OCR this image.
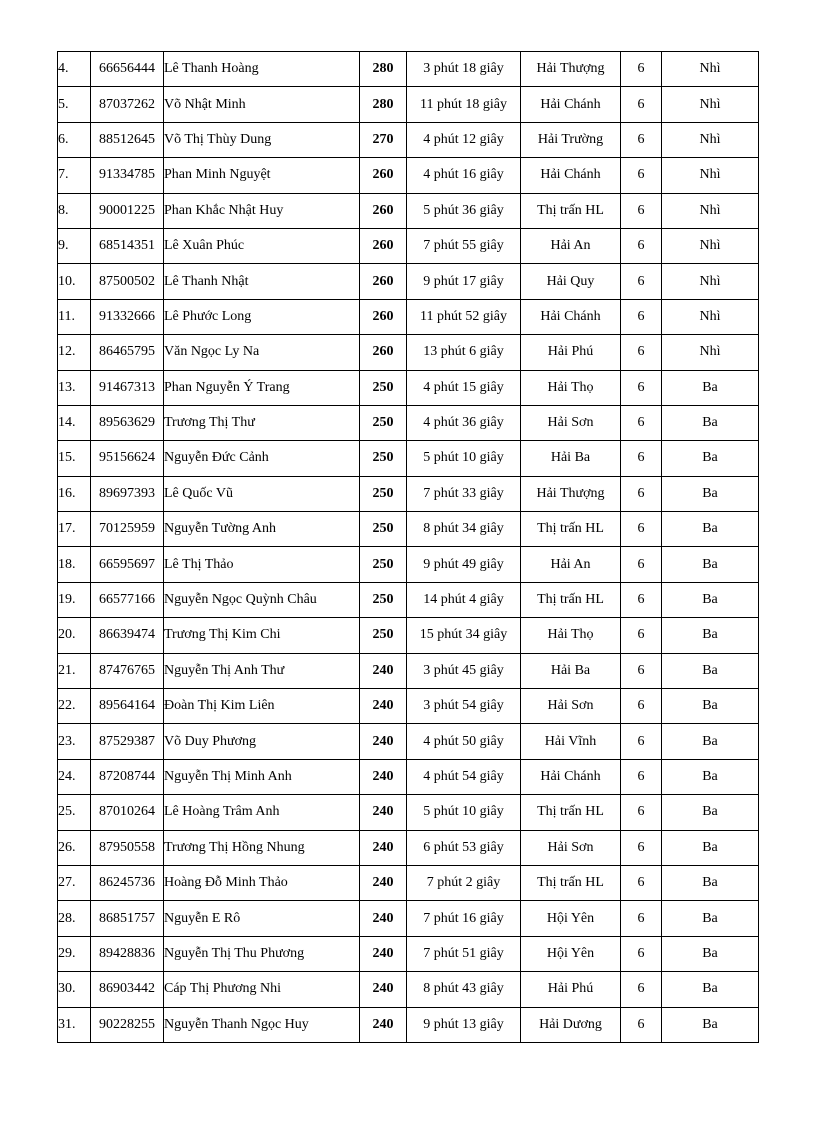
4.	66656444	Lê Thanh Hoàng	280	3 phút 18 giây	Hải Thượng	6	Nhì
5.	87037262	Võ Nhật Minh	280	11 phút 18 giây	Hải Chánh	6	Nhì
6.	88512645	Võ Thị Thùy Dung	270	4 phút 12 giây	Hải Trường	6	Nhì
7.	91334785	Phan Minh Nguyệt	260	4 phút 16 giây	Hải Chánh	6	Nhì
8.	90001225	Phan Khắc Nhật Huy	260	5 phút 36 giây	Thị trấn HL	6	Nhì
9.	68514351	Lê Xuân Phúc	260	7 phút 55 giây	Hải An	6	Nhì
10.	87500502	Lê Thanh Nhật	260	9 phút 17 giây	Hải Quy	6	Nhì
11.	91332666	Lê Phước Long	260	11 phút 52 giây	Hải Chánh	6	Nhì
12.	86465795	Văn Ngọc Ly Na	260	13 phút 6 giây	Hải Phú	6	Nhì
13.	91467313	Phan Nguyễn Ý Trang	250	4 phút 15 giây	Hải Thọ	6	Ba
14.	89563629	Trương Thị Thư	250	4 phút 36 giây	Hải Sơn	6	Ba
15.	95156624	Nguyễn Đức Cảnh	250	5 phút 10 giây	Hải Ba	6	Ba
16.	89697393	Lê Quốc Vũ	250	7 phút 33 giây	Hải Thượng	6	Ba
17.	70125959	Nguyễn Tường Anh	250	8 phút 34 giây	Thị trấn HL	6	Ba
18.	66595697	Lê Thị Thảo	250	9 phút 49 giây	Hải An	6	Ba
19.	66577166	Nguyễn Ngọc Quỳnh Châu	250	14 phút 4 giây	Thị trấn HL	6	Ba
20.	86639474	Trương Thị Kim Chi	250	15 phút 34 giây	Hải Thọ	6	Ba
21.	87476765	Nguyễn Thị Anh Thư	240	3 phút 45 giây	Hải Ba	6	Ba
22.	89564164	Đoàn Thị Kim Liên	240	3 phút 54 giây	Hải Sơn	6	Ba
23.	87529387	Võ Duy Phương	240	4 phút 50 giây	Hải Vĩnh	6	Ba
24.	87208744	Nguyễn Thị Minh Anh	240	4 phút 54 giây	Hải Chánh	6	Ba
25.	87010264	Lê Hoàng Trâm Anh	240	5 phút 10 giây	Thị trấn HL	6	Ba
26.	87950558	Trương Thị Hồng Nhung	240	6 phút 53 giây	Hải Sơn	6	Ba
27.	86245736	Hoàng Đỗ Minh Thảo	240	7 phút 2 giây	Thị trấn HL	6	Ba
28.	86851757	Nguyễn E Rô	240	7 phút 16 giây	Hội Yên	6	Ba
29.	89428836	Nguyễn Thị Thu Phương	240	7 phút 51 giây	Hội Yên	6	Ba
30.	86903442	Cáp Thị Phương Nhi	240	8 phút 43 giây	Hải Phú	6	Ba
31.	90228255	Nguyễn Thanh Ngọc Huy	240	9 phút 13 giây	Hải Dương	6	Ba
